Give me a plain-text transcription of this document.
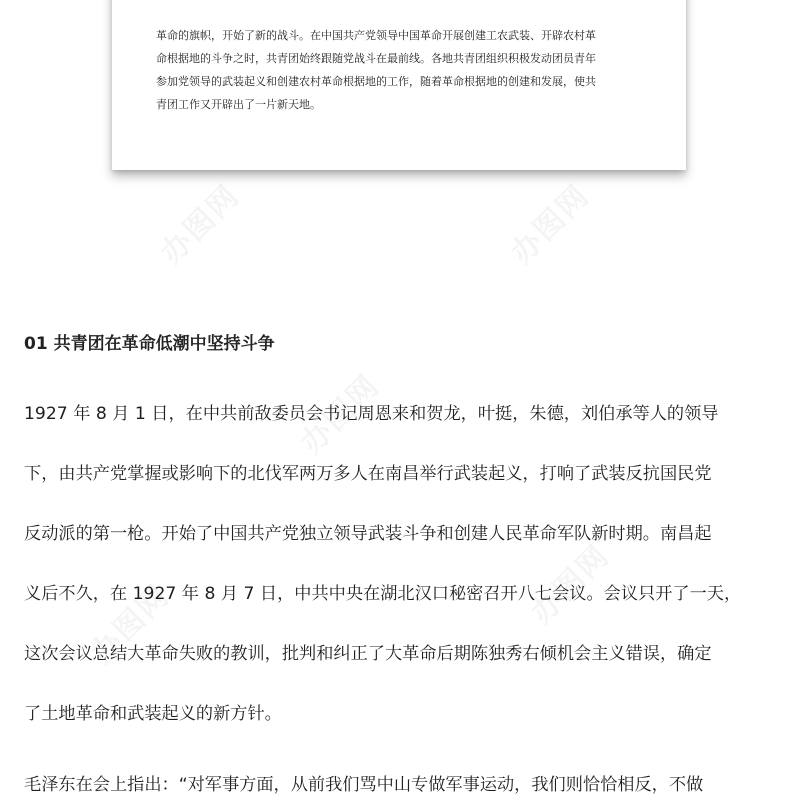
革命的旗帜，开始了新的战斗。在中国共产党领导中国革命开展创建工农武装、开辟农村革
命根据地的斗争之时，共青团始终跟随党战斗在最前线。各地共青团组织积极发动团员青年
参加党领导的武装起义和创建农村革命根据地的工作，随着革命根据地的创建和发展，使共
青团工作又开辟出了一片新天地。

01 共青团在革命低潮中坚持斗争

1927 年 8 月 1 日，在中共前敌委员会书记周恩来和贺龙，叶挺，朱德，刘伯承等人的领导
下，由共产党掌握或影响下的北伐军两万多人在南昌举行武装起义，打响了武装反抗国民党
反动派的第一枪。开始了中国共产党独立领导武装斗争和创建人民革命军队新时期。南昌起
义后不久，在 1927 年 8 月 7 日，中共中央在湖北汉口秘密召开八七会议。会议只开了一天，
这次会议总结大革命失败的教训，批判和纠正了大革命后期陈独秀右倾机会主义错误，确定
了土地革命和武装起义的新方针。

毛泽东在会上指出：“对军事方面，从前我们骂中山专做军事运动，我们则恰恰相反，不做
